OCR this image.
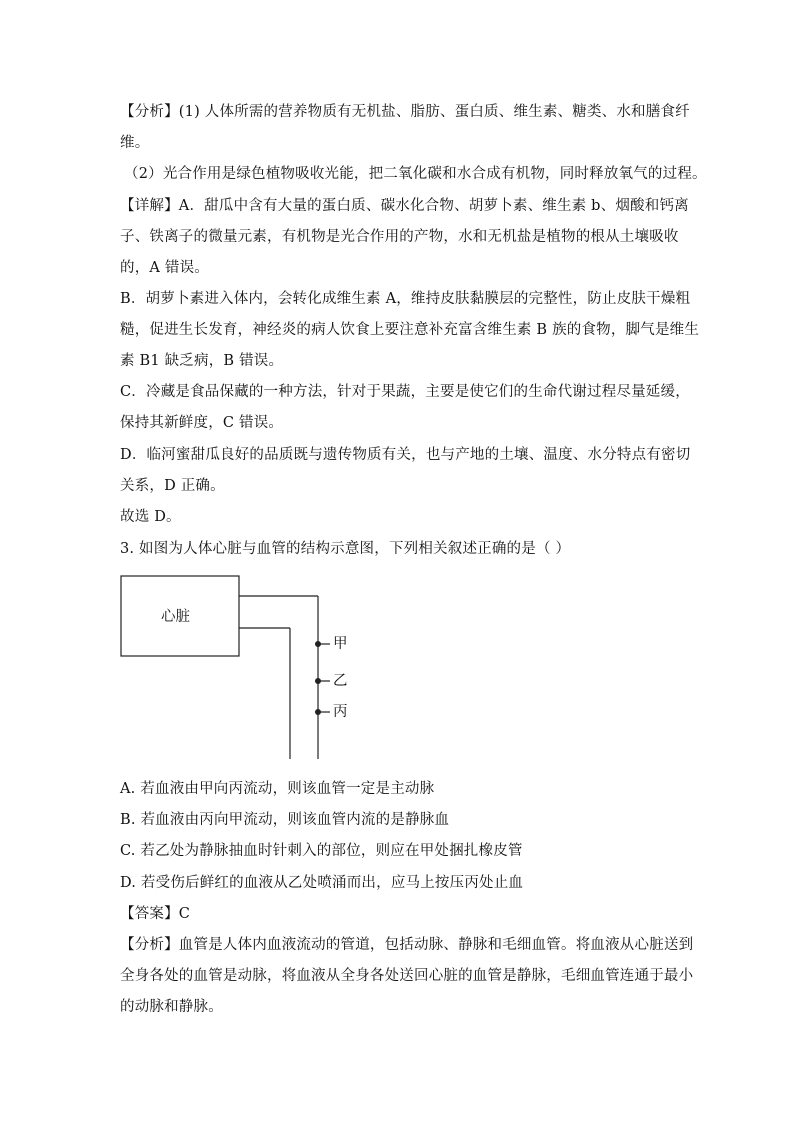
【分析】(1) 人体所需的营养物质有无机盐、脂肪、蛋白质、维生素、糖类、水和膳食纤
维。
（2）光合作用是绿色植物吸收光能，把二氧化碳和水合成有机物，同时释放氧气的过程。
【详解】A．甜瓜中含有大量的蛋白质、碳水化合物、胡萝卜素、维生素 b、烟酸和钙离
子、铁离子的微量元素，有机物是光合作用的产物，水和无机盐是植物的根从土壤吸收
的，A 错误。
B．胡萝卜素进入体内，会转化成维生素 A，维持皮肤黏膜层的完整性，防止皮肤干燥粗
糙，促进生长发育，神经炎的病人饮食上要注意补充富含维生素 B 族的食物，脚气是维生
素 B1 缺乏病，B 错误。
C．冷藏是食品保藏的一种方法，针对于果蔬，主要是使它们的生命代谢过程尽量延缓，
保持其新鲜度，C 错误。
D．临河蜜甜瓜良好的品质既与遗传物质有关，也与产地的土壤、温度、水分特点有密切
关系，D 正确。
故选 D。
3. 如图为人体心脏与血管的结构示意图，下列相关叙述正确的是（ ）
心脏
甲
乙
丙
A. 若血液由甲向丙流动，则该血管一定是主动脉
B. 若血液由丙向甲流动，则该血管内流的是静脉血
C. 若乙处为静脉抽血时针刺入的部位，则应在甲处捆扎橡皮管
D. 若受伤后鲜红的血液从乙处喷涌而出，应马上按压丙处止血
【答案】C
【分析】血管是人体内血液流动的管道，包括动脉、静脉和毛细血管。将血液从心脏送到
全身各处的血管是动脉，将血液从全身各处送回心脏的血管是静脉，毛细血管连通于最小
的动脉和静脉。
